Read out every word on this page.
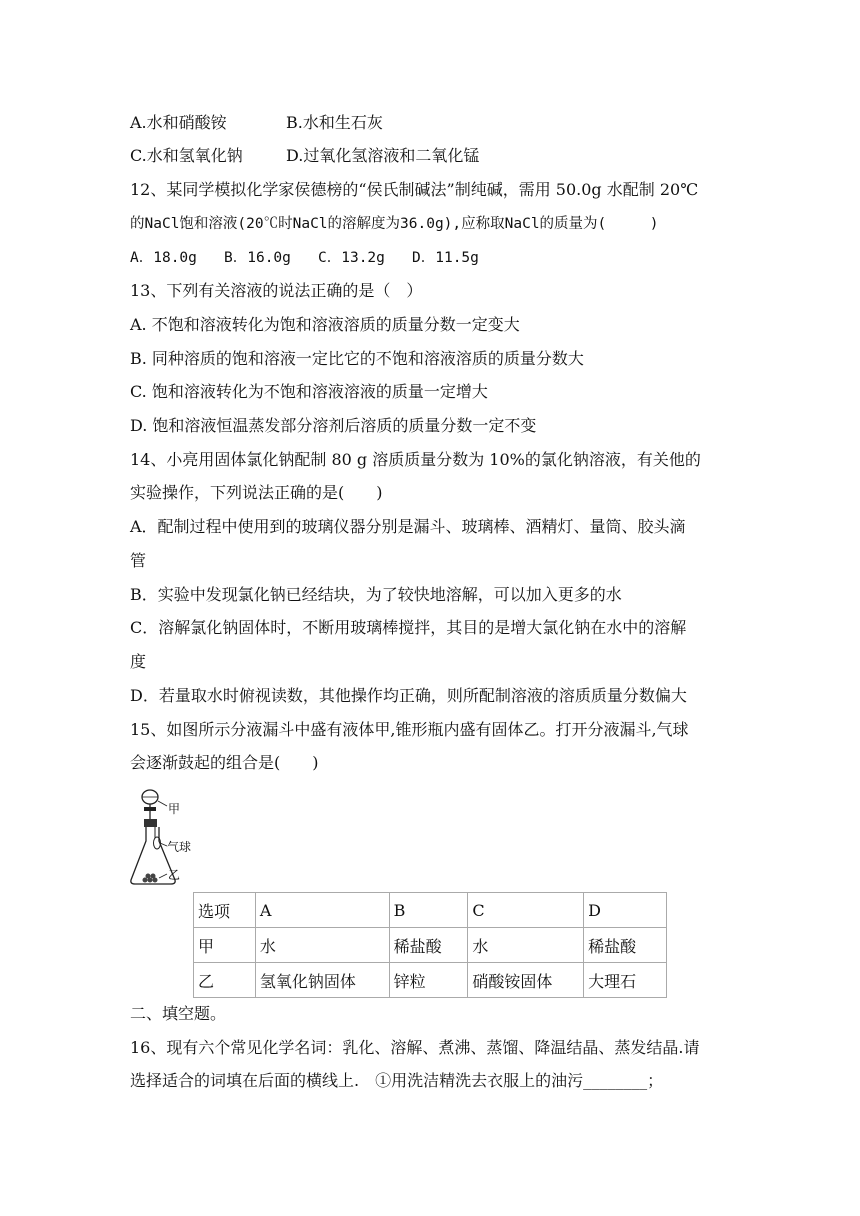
A.水和硝酸铵	B.水和生石灰
C.水和氢氧化钠	D.过氧化氢溶液和二氧化锰
12、某同学模拟化学家侯德榜的“侯氏制碱法”制纯碱，需用 50.0g 水配制 20℃
的NaCl饱和溶液(20℃时NaCl的溶解度为36.0g),应称取NaCl的质量为(　　　)
A．18.0g B．16.0g C．13.2g D．11.5g
13、下列有关溶液的说法正确的是（　）
A. 不饱和溶液转化为饱和溶液溶质的质量分数一定变大
B. 同种溶质的饱和溶液一定比它的不饱和溶液溶质的质量分数大
C. 饱和溶液转化为不饱和溶液溶液的质量一定增大
D. 饱和溶液恒温蒸发部分溶剂后溶质的质量分数一定不变
14、小亮用固体氯化钠配制 80 g 溶质质量分数为 10%的氯化钠溶液，有关他的
实验操作，下列说法正确的是(　　)
A．配制过程中使用到的玻璃仪器分别是漏斗、玻璃棒、酒精灯、量筒、胶头滴
管
B．实验中发现氯化钠已经结块，为了较快地溶解，可以加入更多的水
C．溶解氯化钠固体时，不断用玻璃棒搅拌，其目的是增大氯化钠在水中的溶解
度
D．若量取水时俯视读数，其他操作均正确，则所配制溶液的溶质质量分数偏大
15、如图所示分液漏斗中盛有液体甲,锥形瓶内盛有固体乙。打开分液漏斗,气球
会逐渐鼓起的组合是(　　)
甲
气球
乙
选项	A	B	C	D
甲	水	稀盐酸	水	稀盐酸
乙	氢氧化钠固体	锌粒	硝酸铵固体	大理石
二、填空题。
16、现有六个常见化学名词：乳化、溶解、煮沸、蒸馏、降温结晶、蒸发结晶.请
选择适合的词填在后面的横线上.　①用洗洁精洗去衣服上的油污________；
